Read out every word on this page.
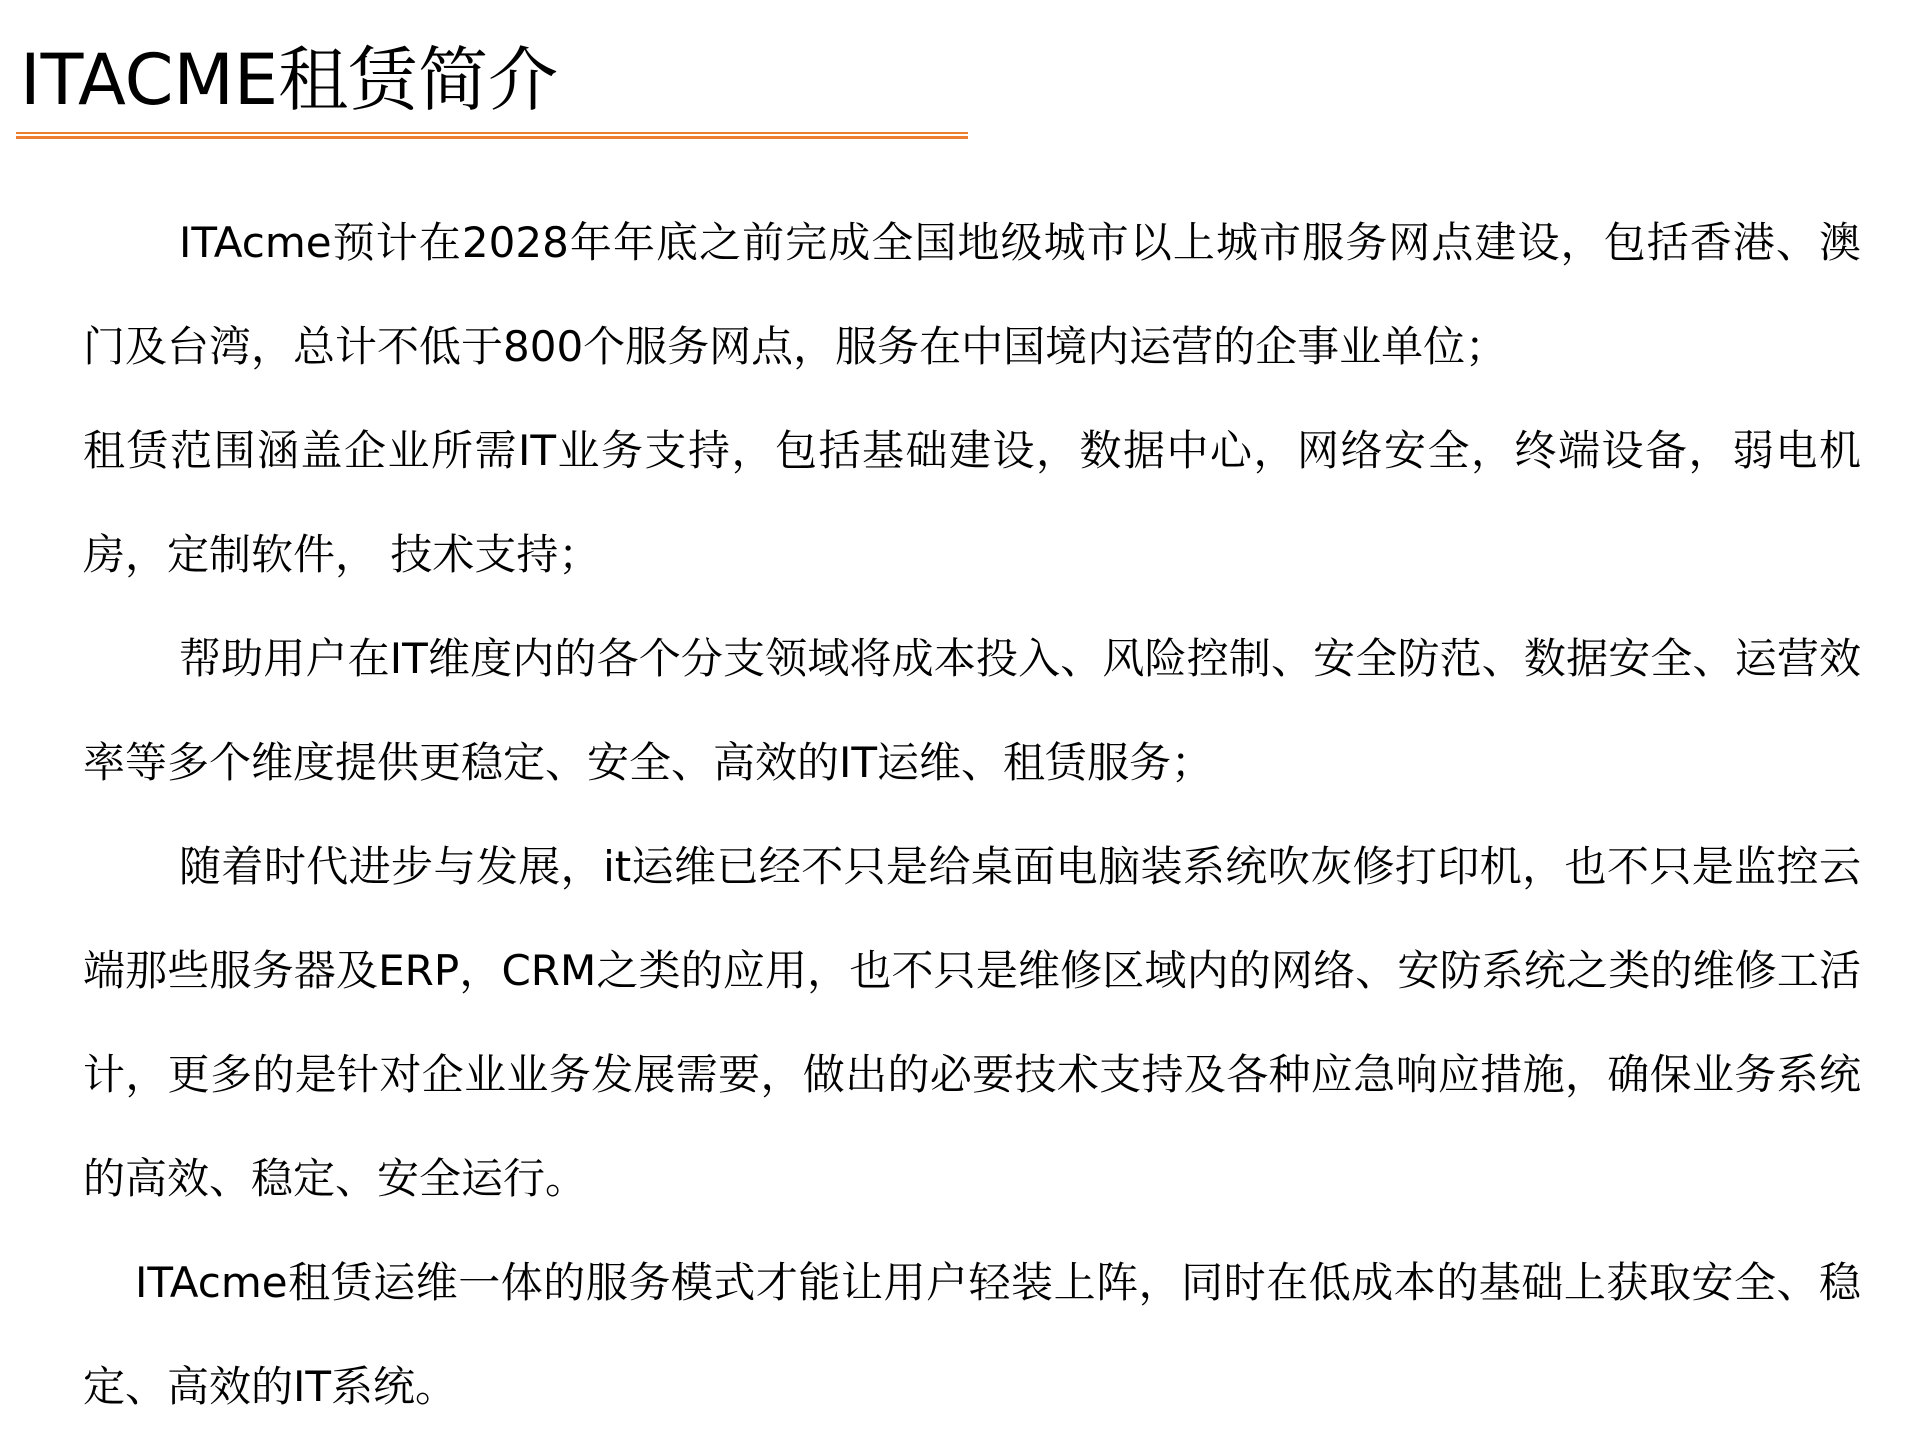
ITACME租赁简介

ITAcme预计在2028年年底之前完成全国地级城市以上城市服务网点建设，包括香港、澳门及台湾，总计不低于800个服务网点，服务在中国境内运营的企事业单位；

租赁范围涵盖企业所需IT业务支持，包括基础建设，数据中心，网络安全，终端设备，弱电机房，定制软件， 技术支持；

帮助用户在IT维度内的各个分支领域将成本投入、风险控制、安全防范、数据安全、运营效率等多个维度提供更稳定、安全、高效的IT运维、租赁服务；

随着时代进步与发展，it运维已经不只是给桌面电脑装系统吹灰修打印机，也不只是监控云端那些服务器及ERP，CRM之类的应用，也不只是维修区域内的网络、安防系统之类的维修工活计，更多的是针对企业业务发展需要，做出的必要技术支持及各种应急响应措施，确保业务系统的高效、稳定、安全运行。

ITAcme租赁运维一体的服务模式才能让用户轻装上阵，同时在低成本的基础上获取安全、稳定、高效的IT系统。
